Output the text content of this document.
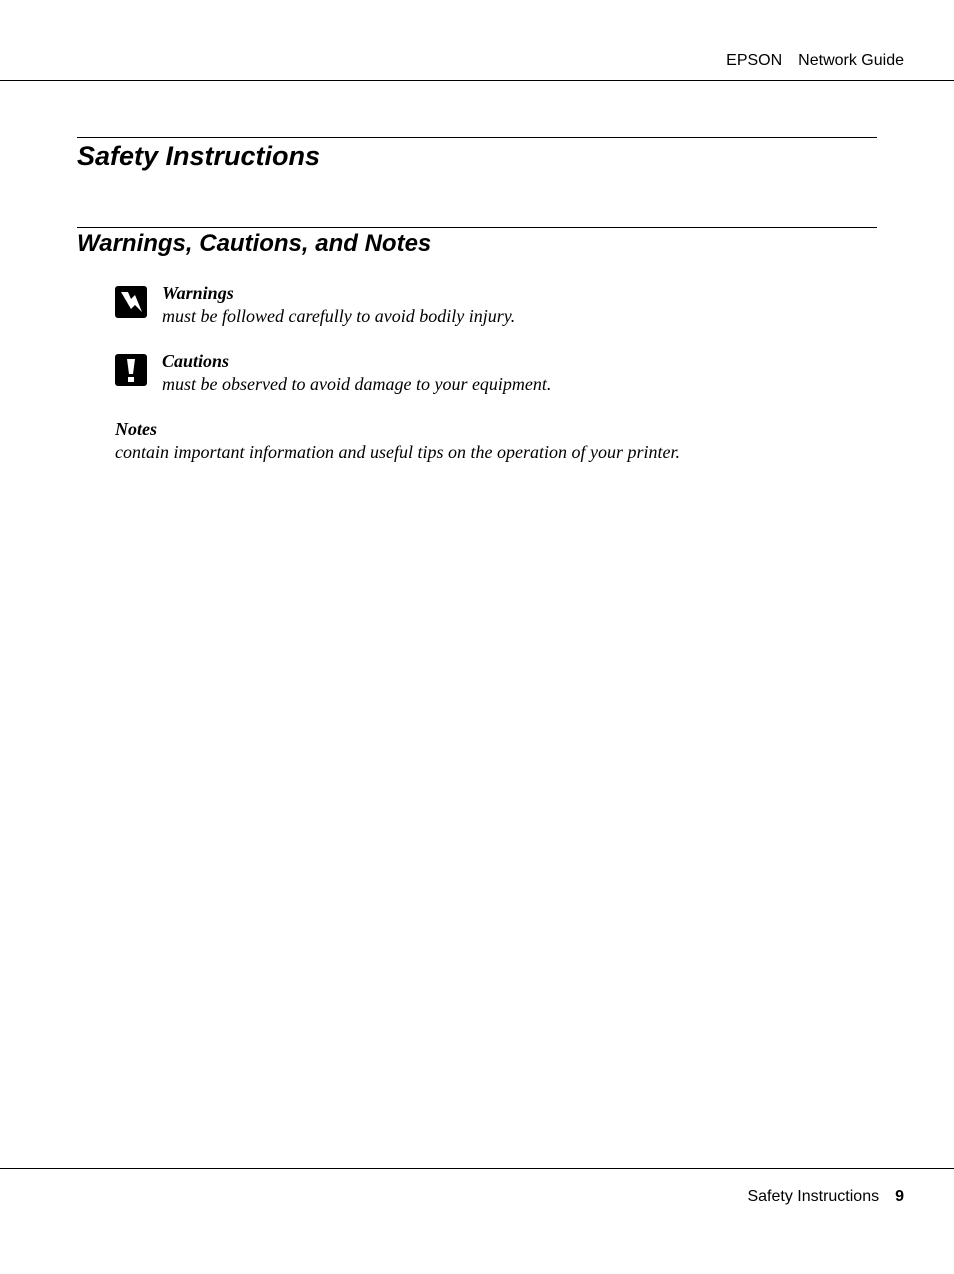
EPSON Network Guide
Safety Instructions
Warnings, Cautions, and Notes
Warnings
must be followed carefully to avoid bodily injury.
Cautions
must be observed to avoid damage to your equipment.
Notes
contain important information and useful tips on the operation of your printer.
Safety Instructions 9
